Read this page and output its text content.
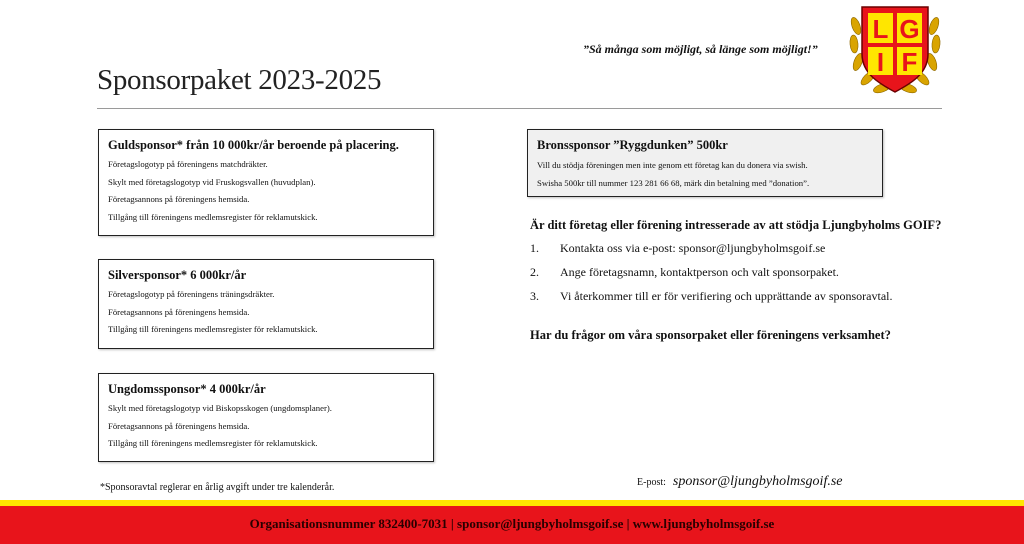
Sponsorpaket 2023-2025
”Så många som möjligt, så länge som möjligt!”
L G
I F
Guldsponsor* från 10 000kr/år beroende på placering.
Företagslogotyp på föreningens matchdräkter.
Skylt med företagslogotyp vid Fruskogsvallen (huvudplan).
Företagsannons på föreningens hemsida.
Tillgång till föreningens medlemsregister för reklamutskick.
Silversponsor* 6 000kr/år
Företagslogotyp på föreningens träningsdräkter.
Företagsannons på föreningens hemsida.
Tillgång till föreningens medlemsregister för reklamutskick.
Ungdomssponsor* 4 000kr/år
Skylt med företagslogotyp vid Biskopsskogen (ungdomsplaner).
Företagsannons på föreningens hemsida.
Tillgång till föreningens medlemsregister för reklamutskick.
Bronssponsor ”Ryggdunken” 500kr
Vill du stödja föreningen men inte genom ett företag kan du donera via swish.
Swisha 500kr till nummer 123 281 66 68, märk din betalning med ”donation”.
Är ditt företag eller förening intresserade av att stödja Ljungbyholms GOIF?
1. Kontakta oss via e-post: sponsor@ljungbyholmsgoif.se
2. Ange företagsnamn, kontaktperson och valt sponsorpaket.
3. Vi återkommer till er för verifiering och upprättande av sponsoravtal.
Har du frågor om våra sponsorpaket eller föreningens verksamhet?
*Sponsoravtal reglerar en årlig avgift under tre kalenderår.	E-post: sponsor@ljungbyholmsgoif.se
Organisationsnummer 832400-7031 | sponsor@ljungbyholmsgoif.se | www.ljungbyholmsgoif.se
